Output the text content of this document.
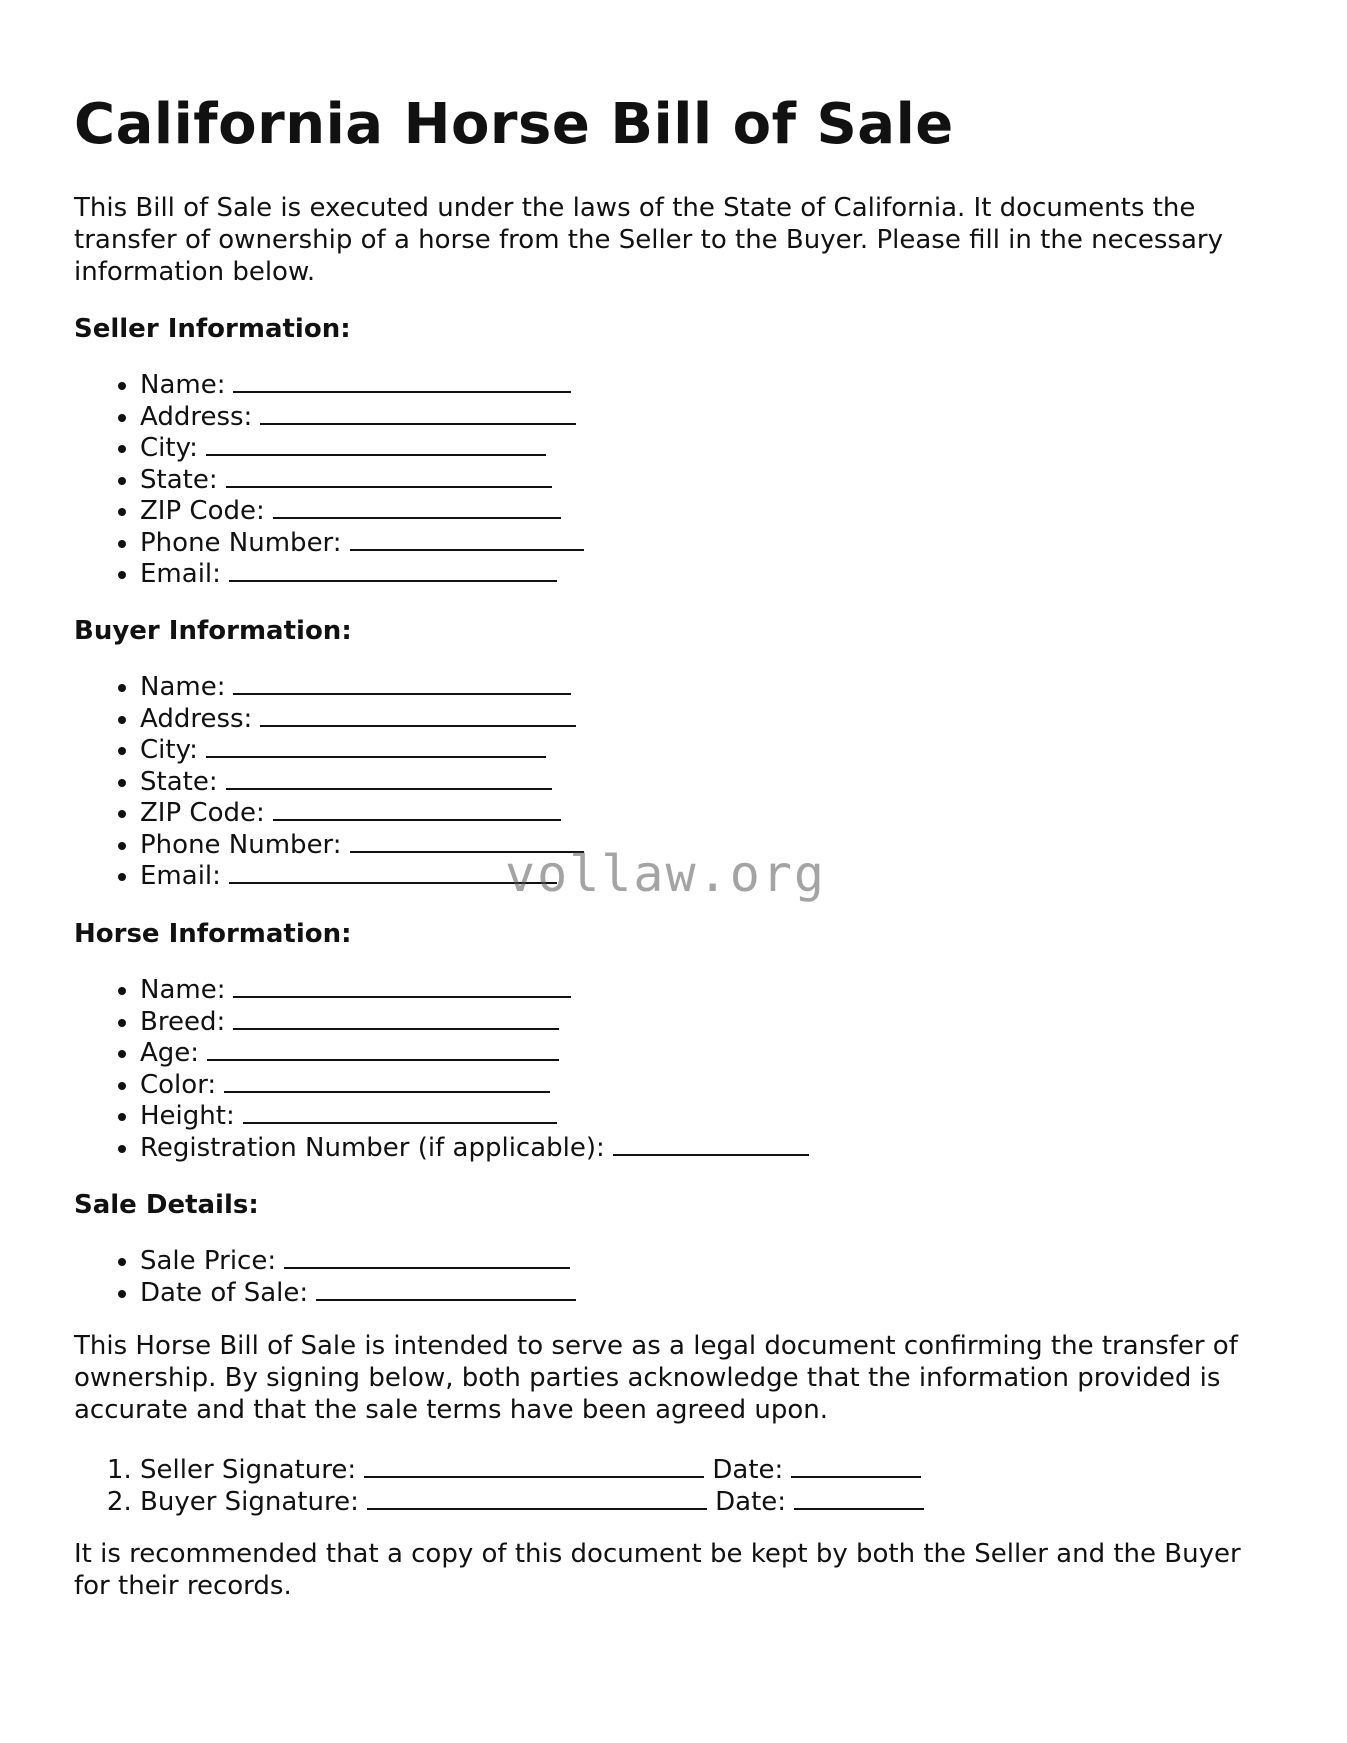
California Horse Bill of Sale

This Bill of Sale is executed under the laws of the State of California. It documents the transfer of ownership of a horse from the Seller to the Buyer. Please fill in the necessary information below.

Seller Information:
• Name:
• Address:
• City:
• State:
• ZIP Code:
• Phone Number:
• Email:
Buyer Information:
• Name:
• Address:
• City:
• State:
• ZIP Code:
• Phone Number:
• Email:
Horse Information:
• Name:
• Breed:
• Age:
• Color:
• Height:
• Registration Number (if applicable):
Sale Details:
• Sale Price:
• Date of Sale:

This Horse Bill of Sale is intended to serve as a legal document confirming the transfer of ownership. By signing below, both parties acknowledge that the information provided is accurate and that the sale terms have been agreed upon.

1. Seller Signature:	Date:
2. Buyer Signature:	Date:

It is recommended that a copy of this document be kept by both the Seller and the Buyer for their records.

vollaw.org
